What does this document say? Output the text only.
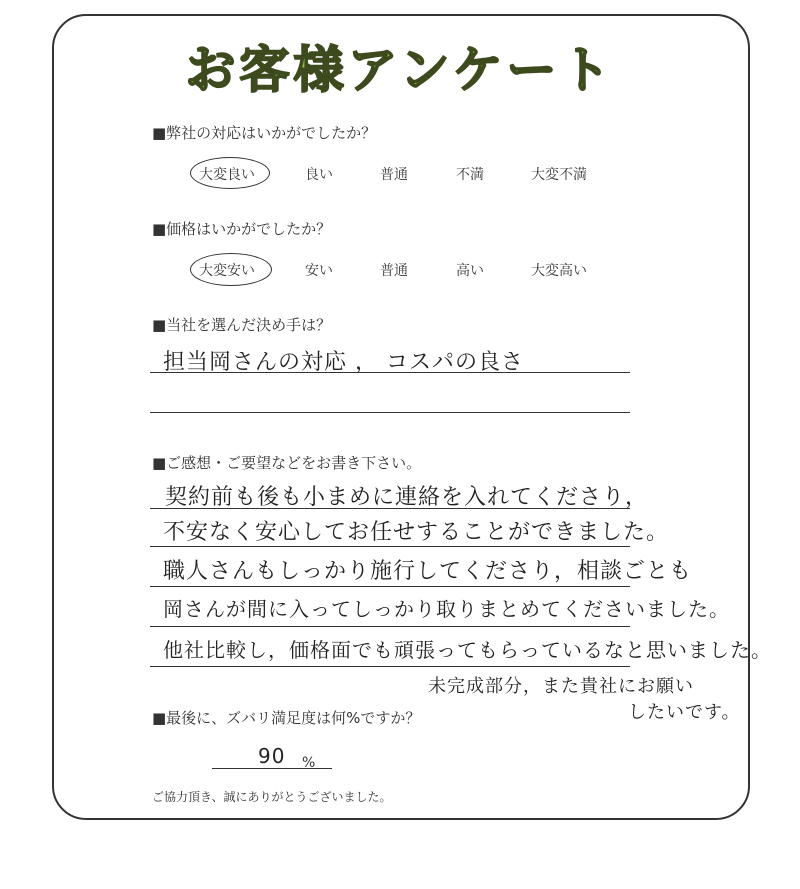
お客様アンケート
■弊社の対応はいかがでしたか？
大変良い	良い	普通	不満	大変不満
■価格はいかがでしたか？
大変安い	安い	普通	高い	大変高い
■当社を選んだ決め手は？
担当岡さんの対応 ， コスパの良さ
■ご感想・ご要望などをお書き下さい。
契約前も後も小まめに連絡を入れてくださり，
不安なく安心してお任せすることができました。
職人さんもしっかり施行してくださり，相談ごとも
岡さんが間に入ってしっかり取りまとめてくださいました。
他社比較し，価格面でも頑張ってもらっているなと思いました。
未完成部分，また貴社にお願い
したいです。
■最後に、ズバリ満足度は何%ですか？
90 %
ご協力頂き、誠にありがとうございました。
